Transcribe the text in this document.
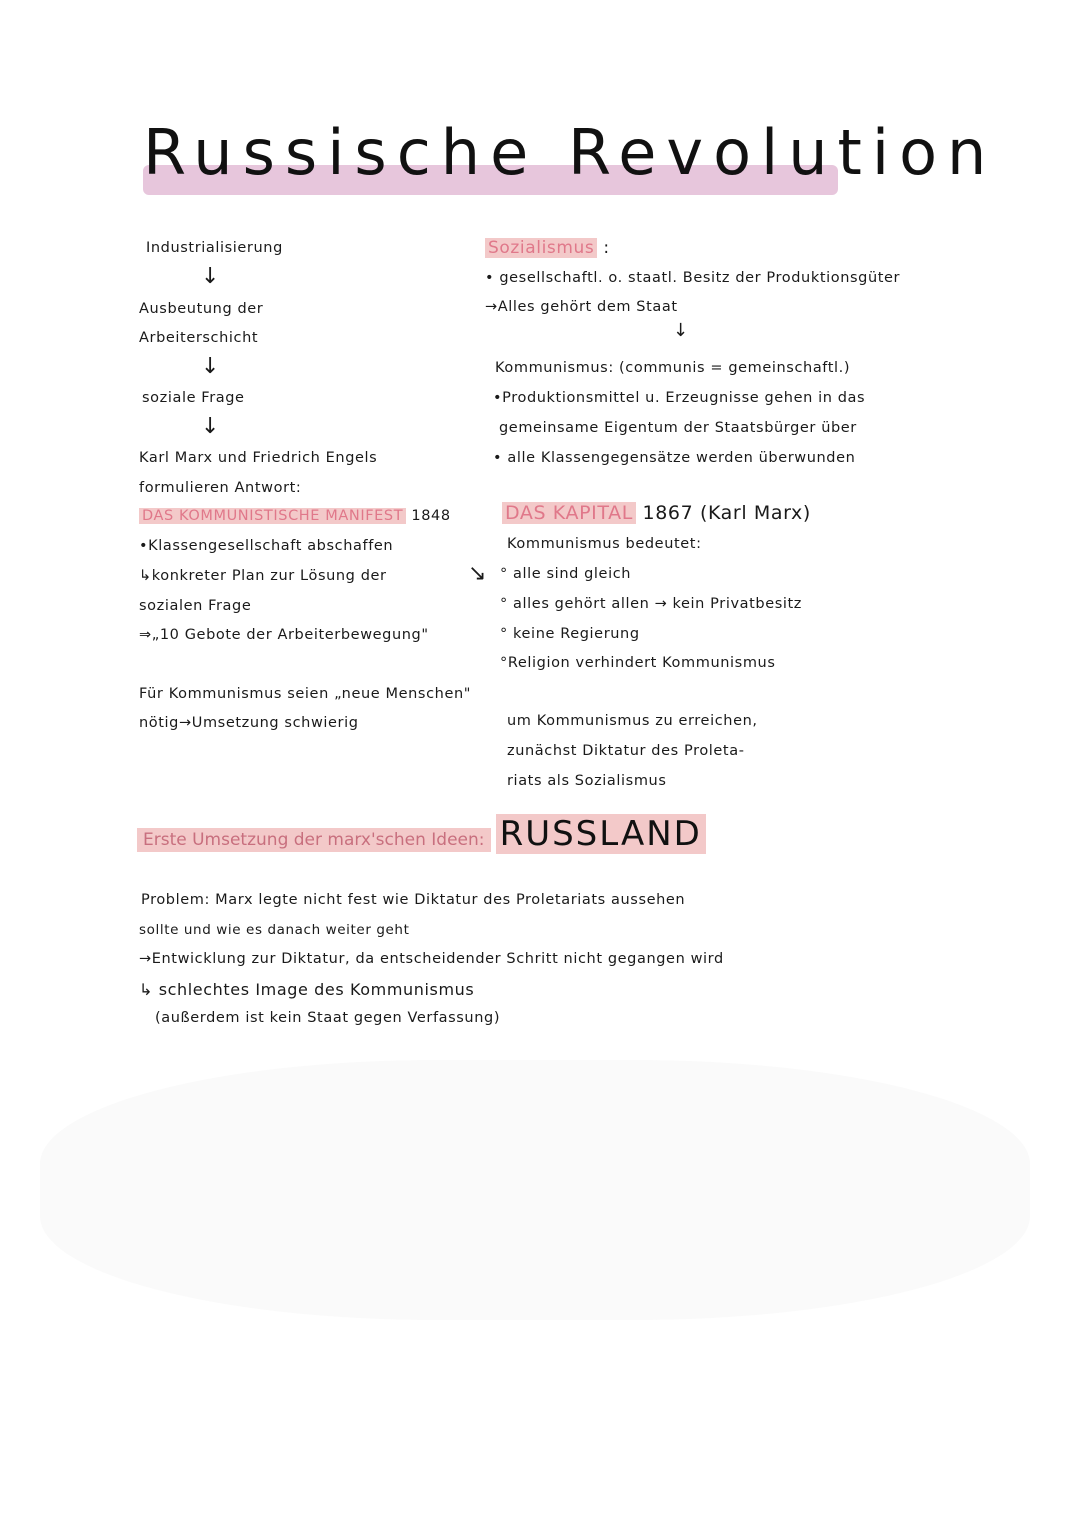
Russische Revolution
Industrialisierung
↓
Ausbeutung der
Arbeiterschicht
↓
soziale Frage
↓
Karl Marx und Friedrich Engels
formulieren Antwort:
DAS KOMMUNISTISCHE MANIFEST 1848
•Klassengesellschaft abschaffen
↳konkreter Plan zur Lösung der
sozialen Frage
⇒„10 Gebote der Arbeiterbewegung"
Für Kommunismus seien „neue Menschen"
nötig→Umsetzung schwierig
Sozialismus :
• gesellschaftl. o. staatl. Besitz der Produktionsgüter
→Alles gehört dem Staat
↓
Kommunismus: (communis = gemeinschaftl.)
•Produktionsmittel u. Erzeugnisse gehen in das
gemeinsame Eigentum der Staatsbürger über
• alle Klassengegensätze werden überwunden
DAS KAPITAL 1867 (Karl Marx)
Kommunismus bedeutet:
↘ ° alle sind gleich
° alles gehört allen → kein Privatbesitz
° keine Regierung
°Religion verhindert Kommunismus
um Kommunismus zu erreichen,
zunächst Diktatur des Proleta-
riats als Sozialismus
Erste Umsetzung der marx'schen Ideen: RUSSLAND
Problem: Marx legte nicht fest wie Diktatur des Proletariats aussehen
sollte und wie es danach weiter geht
→Entwicklung zur Diktatur, da entscheidender Schritt nicht gegangen wird
↳ schlechtes Image des Kommunismus
(außerdem ist kein Staat gegen Verfassung)
